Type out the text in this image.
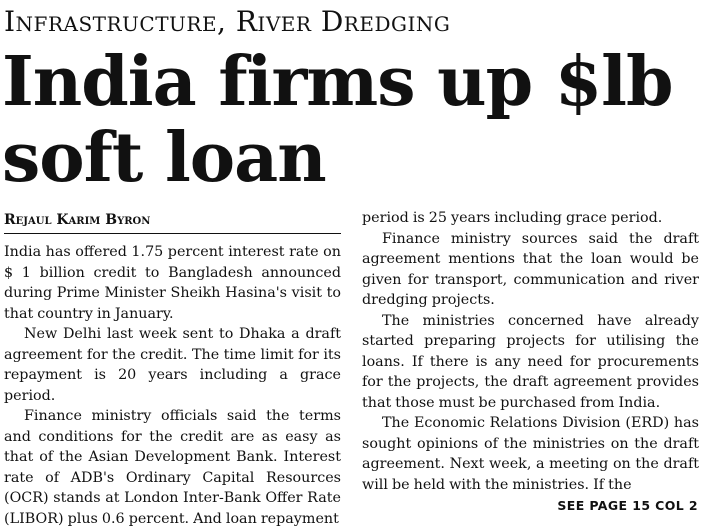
Infrastructure, River Dredging
India firms up $lb soft loan
Rejaul Karim Byron

India has offered 1.75 percent interest rate on $ 1 billion credit to Bangladesh announced during Prime Minister Sheikh Hasina's visit to that country in January.

New Delhi last week sent to Dhaka a draft agreement for the credit. The time limit for its repayment is 20 years including a grace period.

Finance ministry officials said the terms and conditions for the credit are as easy as that of the Asian Development Bank. Interest rate of ADB's Ordinary Capital Resources (OCR) stands at London Inter-Bank Offer Rate (LIBOR) plus 0.6 percent. And loan repayment

period is 25 years including grace period.

Finance ministry sources said the draft agreement mentions that the loan would be given for transport, communication and river dredging projects.

The ministries concerned have already started preparing projects for utilising the loans. If there is any need for procurements for the projects, the draft agreement provides that those must be purchased from India.

The Economic Relations Division (ERD) has sought opinions of the ministries on the draft agreement. Next week, a meeting on the draft will be held with the ministries. If the

SEE PAGE 15 COL 2
